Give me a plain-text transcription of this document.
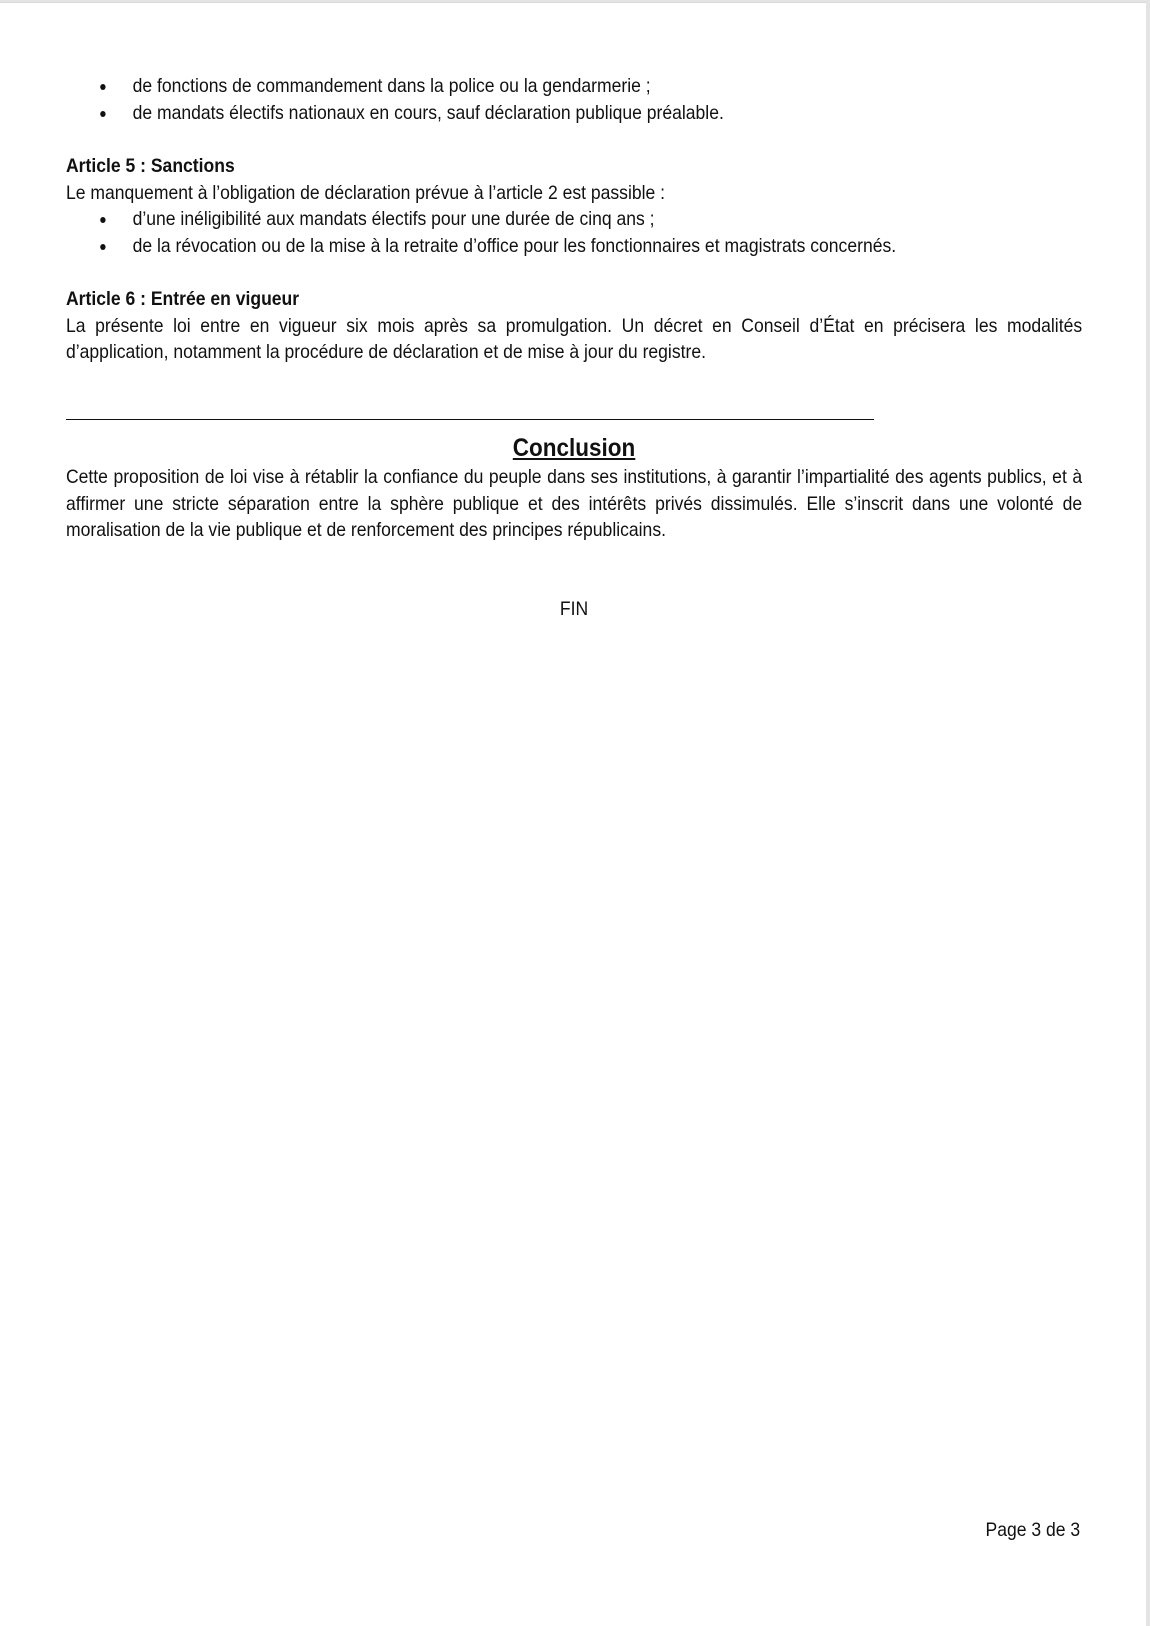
de fonctions de commandement dans la police ou la gendarmerie ;
de mandats électifs nationaux en cours, sauf déclaration publique préalable.
Article 5 : Sanctions

Le manquement à l’obligation de déclaration prévue à l’article 2 est passible :

d’une inéligibilité aux mandats électifs pour une durée de cinq ans ;
de la révocation ou de la mise à la retraite d’office pour les fonctionnaires et magistrats concernés.
Article 6 : Entrée en vigueur

La présente loi entre en vigueur six mois après sa promulgation. Un décret en Conseil d’État en précisera les modalités d’application, notamment la procédure de déclaration et de mise à jour du registre.

Conclusion

Cette proposition de loi vise à rétablir la confiance du peuple dans ses institutions, à garantir l’impartialité des agents publics, et à affirmer une stricte séparation entre la sphère publique et des intérêts privés dissimulés. Elle s’inscrit dans une volonté de moralisation de la vie publique et de renforcement des principes républicains.

FIN
Page 3 de 3
